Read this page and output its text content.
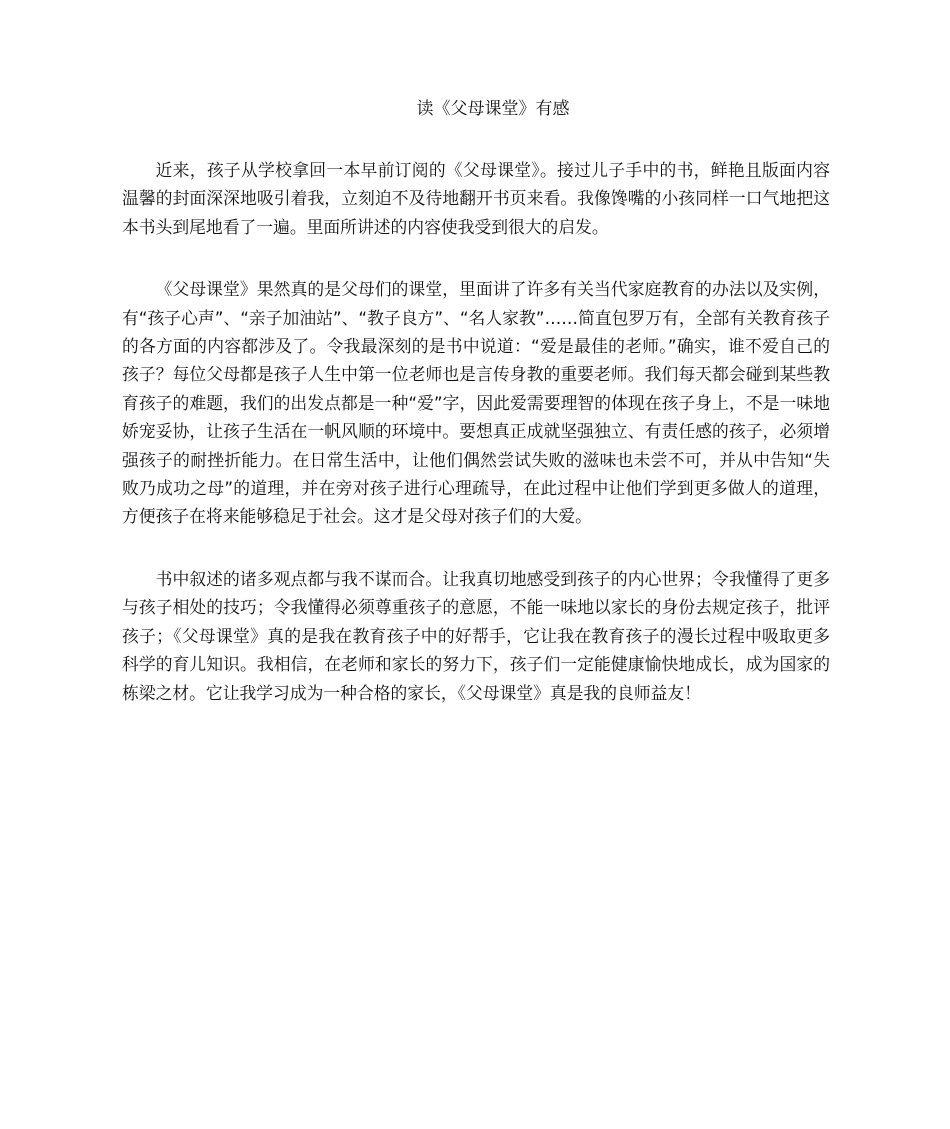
读《父母课堂》有感

近来，孩子从学校拿回一本早前订阅的《父母课堂》。接过儿子手中的书，鲜艳且版面内容温馨的封面深深地吸引着我，立刻迫不及待地翻开书页来看。我像馋嘴的小孩同样一口气地把这本书头到尾地看了一遍。里面所讲述的内容使我受到很大的启发。

《父母课堂》果然真的是父母们的课堂，里面讲了许多有关当代家庭教育的办法以及实例，有“孩子心声”、“亲子加油站”、“教子良方”、“名人家教”……简直包罗万有，全部有关教育孩子的各方面的内容都涉及了。令我最深刻的是书中说道：“爱是最佳的老师。”确实，谁不爱自己的孩子？每位父母都是孩子人生中第一位老师也是言传身教的重要老师。我们每天都会碰到某些教育孩子的难题，我们的出发点都是一种“爱”字，因此爱需要理智的体现在孩子身上，不是一味地娇宠妥协，让孩子生活在一帆风顺的环境中。要想真正成就坚强独立、有责任感的孩子，必须增强孩子的耐挫折能力。在日常生活中，让他们偶然尝试失败的滋味也未尝不可，并从中告知“失败乃成功之母”的道理，并在旁对孩子进行心理疏导，在此过程中让他们学到更多做人的道理，方便孩子在将来能够稳足于社会。这才是父母对孩子们的大爱。

书中叙述的诸多观点都与我不谋而合。让我真切地感受到孩子的内心世界；令我懂得了更多与孩子相处的技巧；令我懂得必须尊重孩子的意愿，不能一味地以家长的身份去规定孩子，批评孩子；《父母课堂》真的是我在教育孩子中的好帮手，它让我在教育孩子的漫长过程中吸取更多科学的育儿知识。我相信，在老师和家长的努力下，孩子们一定能健康愉快地成长，成为国家的栋梁之材。它让我学习成为一种合格的家长，《父母课堂》真是我的良师益友！
